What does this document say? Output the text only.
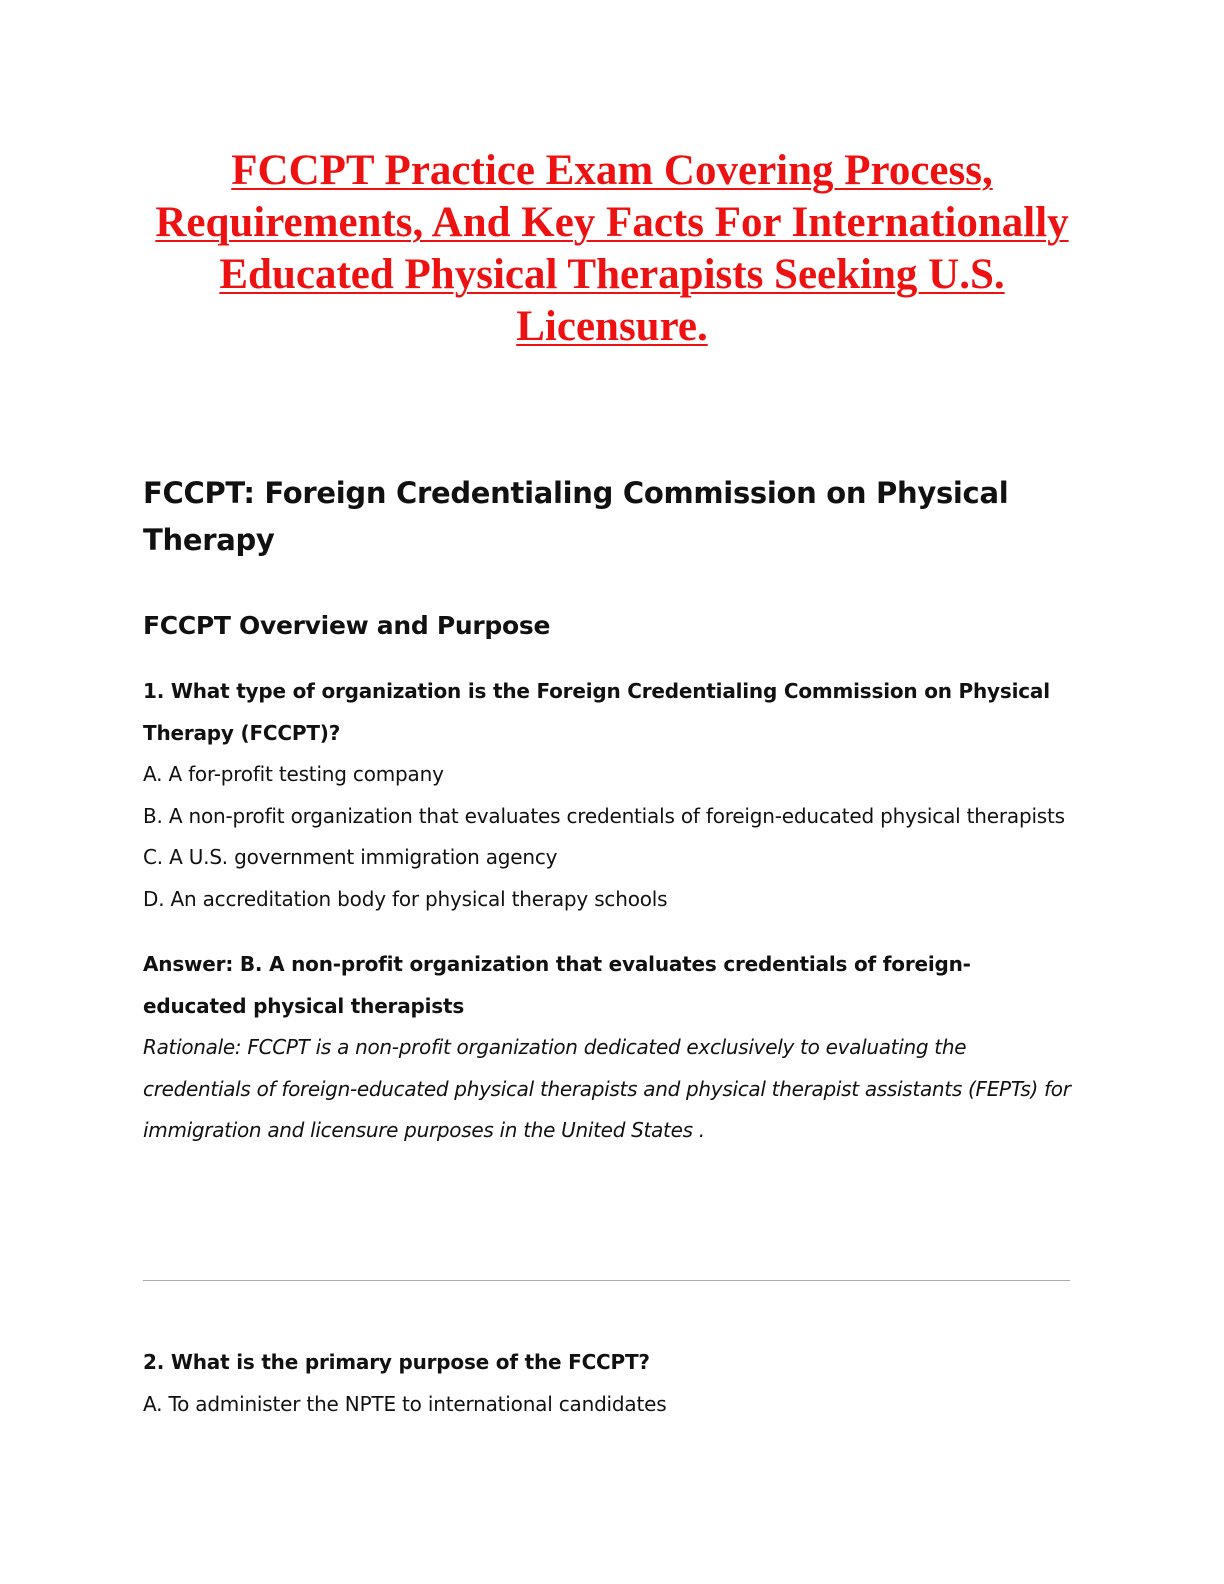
FCCPT Practice Exam Covering Process, Requirements, And Key Facts For Internationally Educated Physical Therapists Seeking U.S. Licensure.
FCCPT: Foreign Credentialing Commission on Physical Therapy
FCCPT Overview and Purpose

1. What type of organization is the Foreign Credentialing Commission on Physical Therapy (FCCPT)?

A. A for-profit testing company

B. A non-profit organization that evaluates credentials of foreign-educated physical therapists

C. A U.S. government immigration agency

D. An accreditation body for physical therapy schools

Answer: B. A non-profit organization that evaluates credentials of foreign-educated physical therapists

Rationale: FCCPT is a non-profit organization dedicated exclusively to evaluating the credentials of foreign-educated physical therapists and physical therapist assistants (FEPTs) for immigration and licensure purposes in the United States .

2. What is the primary purpose of the FCCPT?

A. To administer the NPTE to international candidates
